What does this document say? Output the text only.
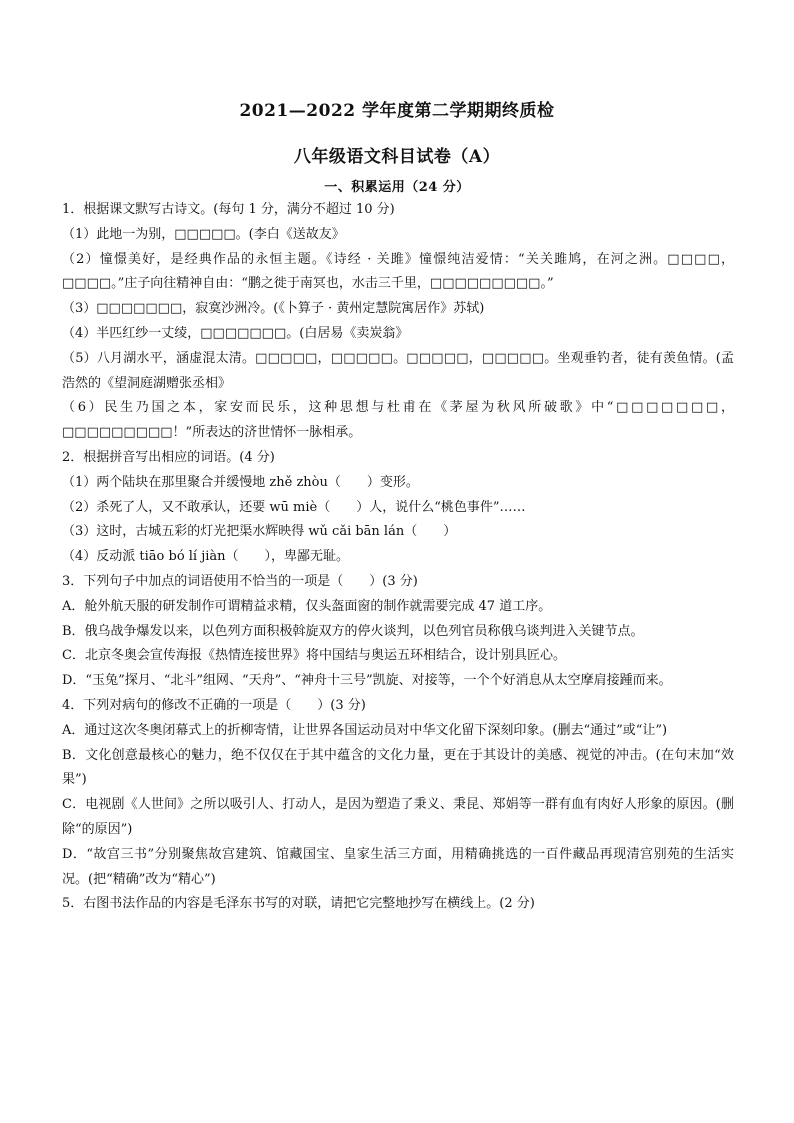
2021—2022 学年度第二学期期终质检
八年级语文科目试卷（A）
一、积累运用（24 分）
1．根据课文默写古诗文。(每句 1 分，满分不超过 10 分)
（1）此地一为别，□□□□□。(李白《送故友》
（2）憧憬美好，是经典作品的永恒主题。《诗经 · 关雎》憧憬纯洁爱情：“关关雎鸠，在河之洲。□□□□，□□□□。”庄子向往精神自由：“鹏之徙于南冥也，水击三千里，□□□□□□□□□。”
（3）□□□□□□□，寂寞沙洲冷。(《卜算子 · 黄州定慧院寓居作》苏轼)
（4）半匹红纱一丈绫，□□□□□□□。(白居易《卖炭翁》
（5）八月湖水平，涵虚混太清。□□□□□，□□□□□。□□□□□，□□□□□。坐观垂钓者，徒有羡鱼情。(孟浩然的《望洞庭湖赠张丞相》
（6）民生乃国之本，家安而民乐，这种思想与杜甫在《茅屋为秋风所破歌》中“□□□□□□□，□□□□□□□□□！”所表达的济世情怀一脉相承。
2．根据拼音写出相应的词语。(4 分)
（1）两个陆块在那里聚合并缓慢地 zhě zhòu（　　）变形。
（2）杀死了人，又不敢承认，还要 wū miè（　　）人，说什么“桃色事件”……
（3）这时，古城五彩的灯光把渠水辉映得 wǔ cǎi bān lán（　　）
（4）反动派 tiāo bó lí jiàn（　　），卑鄙无耻。
3．下列句子中加点的词语使用不恰当的一项是（　　）(3 分)
A．舱外航天服的研发制作可谓精益求精，仅头盔面窗的制作就需要完成 47 道工序。
B．俄乌战争爆发以来，以色列方面积极斡旋双方的停火谈判，以色列官员称俄乌谈判进入关键节点。
C．北京冬奥会宣传海报《热情连接世界》将中国结与奥运五环相结合，设计别具匠心。
D．“玉兔”探月、“北斗”组网、“天舟”、“神舟十三号”凯旋、对接等，一个个好消息从太空摩肩接踵而来。
4．下列对病句的修改不正确的一项是（　　）(3 分)
A．通过这次冬奥闭幕式上的折柳寄情，让世界各国运动员对中华文化留下深刻印象。(删去“通过”或“让”)
B．文化创意最核心的魅力，绝不仅仅在于其中蕴含的文化力量，更在于其设计的美感、视觉的冲击。(在句末加“效果”)
C．电视剧《人世间》之所以吸引人、打动人，是因为塑造了秉义、秉昆、郑娟等一群有血有肉好人形象的原因。(删除“的原因”)
D．“故宫三书”分别聚焦故宫建筑、馆藏国宝、皇家生活三方面，用精确挑选的一百件藏品再现清宫别苑的生活实况。(把“精确”改为“精心”)
5．右图书法作品的内容是毛泽东书写的对联，请把它完整地抄写在横线上。(2 分)
